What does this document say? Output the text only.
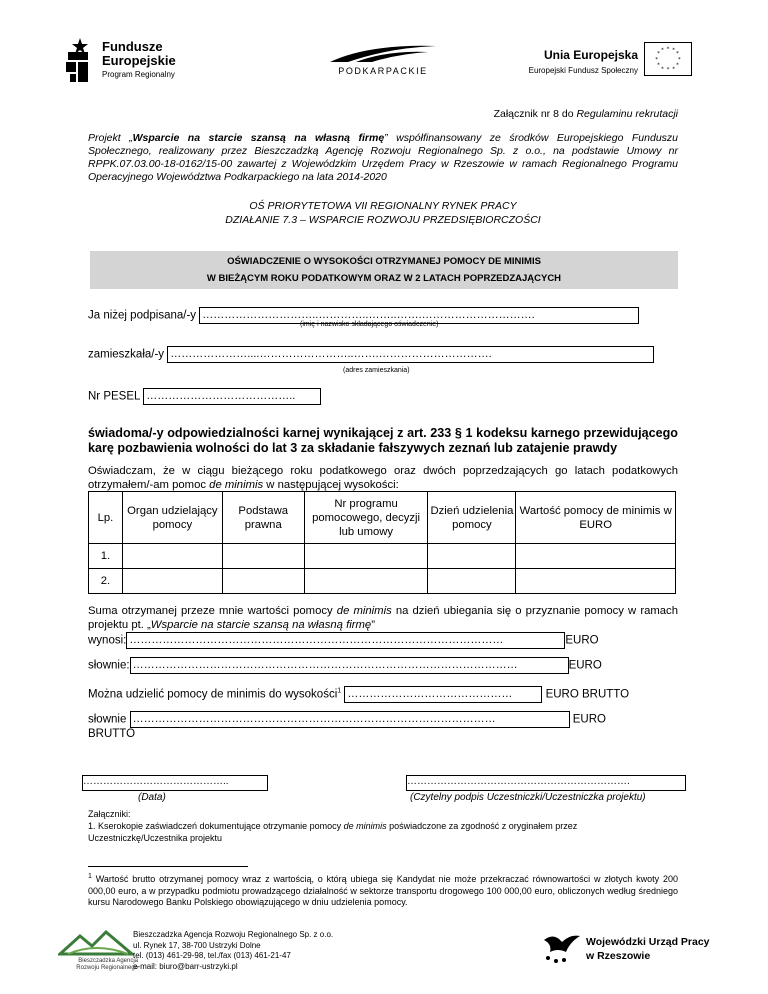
Fundusze
Europejskie
Program Regionalny	PODKARPACKIE
Unia Europejska
Europejski Fundusz Społeczny
* *
*
*
*
*
*
*
*
*
*
*
Załącznik nr 8 do Regulaminu rekrutacji
Projekt „Wsparcie na starcie szansą na własną firmę” współfinansowany ze środków Europejskiego Funduszu Społecznego, realizowany przez Bieszczadzką Agencję Rozwoju Regionalnego Sp. z o.o., na podstawie Umowy nr RPPK.07.03.00-18-0162/15-00 zawartej z Wojewódzkim Urzędem Pracy w Rzeszowie w ramach Regionalnego Programu Operacyjnego Województwa Podkarpackiego na lata 2014-2020
OŚ PRIORYTETOWA VII REGIONALNY RYNEK PRACY
DZIAŁANIE 7.3 – WSPARCIE ROZWOJU PRZEDSIĘBIORCZOŚCI
OŚWIADCZENIE O WYSOKOŚCI OTRZYMANEJ POMOCY DE MINIMIS
W BIEŻĄCYM ROKU PODATKOWYM ORAZ W 2 LATACH POPRZEDZAJĄCYCH
Ja niżej podpisana/-y …………………………..…………..……..…….………………………….
(imię i nazwisko składającego oświadczenie)
zamieszkała/-y …………………....……………………..…….………………………….
(adres zamieszkania)
Nr PESEL …………………………………..
świadoma/-y odpowiedzialności karnej wynikającej z art. 233 § 1 kodeksu karnego przewidującego karę pozbawienia wolności do lat 3 za składanie fałszywych zeznań lub zatajenie prawdy
Oświadczam, że w ciągu bieżącego roku podatkowego oraz dwóch poprzedzających go latach podatkowych otrzymałem/-am pomoc de minimis w następującej wysokości:
Lp.	Organ udzielający pomocy	Podstawa prawna	Nr programu pomocowego, decyzji lub umowy	Dzień udzielenia pomocy	Wartość pomocy de minimis w EURO
1.					
2.					
Suma otrzymanej przeze mnie wartości pomocy de minimis na dzień ubiegania się o przyznanie pomocy w ramach projektu pt. „Wsparcie na starcie szansą na własną firmę”
wynosi: …………………………………………………………………………………………	EURO
słownie: ……………………………………………………………………………………………	EURO
Można udzielić pomocy de minimis do wysokości$^1$ ………………………………………	EURO BRUTTO
słownie ………………………………………………………………………………………	EURO
BRUTTO
……………………………………..
(Data)
………………………………………………………….
(Czytelny podpis Uczestniczki/Uczestniczka projektu)
Załączniki:
1. Kserokopie zaświadczeń dokumentujące otrzymanie pomocy de minimis poświadczone za zgodność z oryginałem przez Uczestniczkę/Uczestnika projektu
$^1$ Wartość brutto otrzymanej pomocy wraz z wartością, o którą ubiega się Kandydat nie może przekraczać równowartości w złotych kwoty 200 000,00 euro, a w przypadku podmiotu prowadzącego działalność w sektorze transportu drogowego 100 000,00 euro, obliczonych według średniego kursu Narodowego Banku Polskiego obowiązującego w dniu udzielenia pomocy.
Bieszczadzka Agencja
Rozwoju Regionalnego
Bieszczadzka Agencja Rozwoju Regionalnego Sp. z o.o.
ul. Rynek 17, 38-700 Ustrzyki Dolne
tel. (013) 461-29-98, tel./fax (013) 461-21-47
e-mail: biuro@barr-ustrzyki.pl
Wojewódzki Urząd Pracy
w Rzeszowie
